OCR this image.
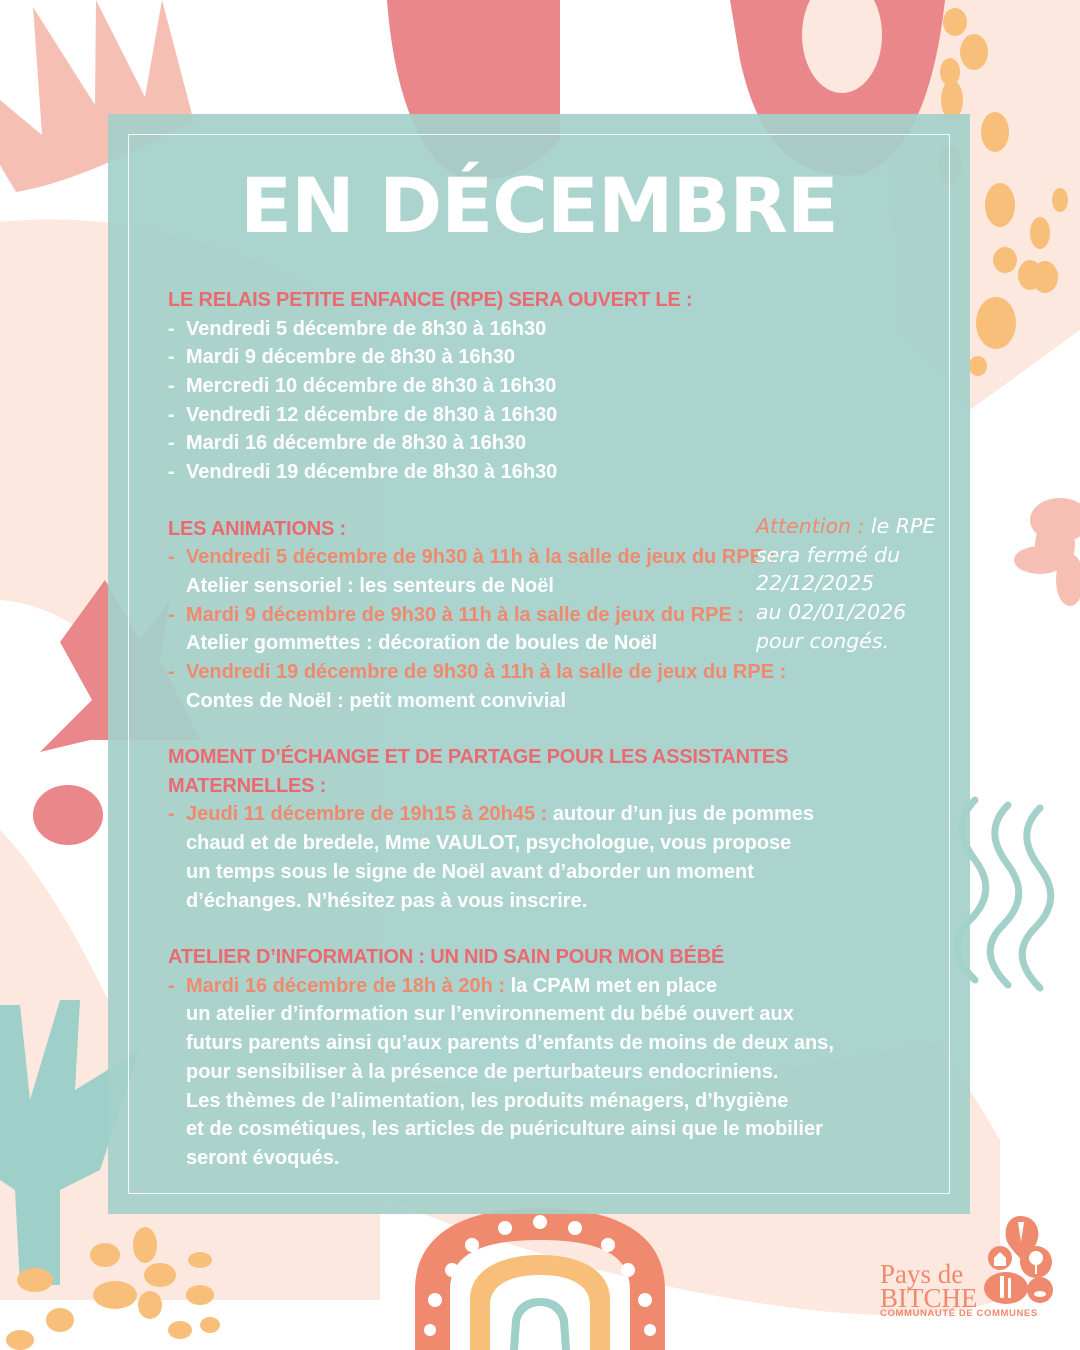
EN DÉCEMBRE
LE RELAIS PETITE ENFANCE (RPE) SERA OUVERT LE :
- Vendredi 5 décembre de 8h30 à 16h30
- Mardi 9 décembre de 8h30 à 16h30
- Mercredi 10 décembre de 8h30 à 16h30
- Vendredi 12 décembre de 8h30 à 16h30
- Mardi 16 décembre de 8h30 à 16h30
- Vendredi 19 décembre de 8h30 à 16h30
LES ANIMATIONS :
- Vendredi 5 décembre de 9h30 à 11h à la salle de jeux du RPE :
Atelier sensoriel : les senteurs de Noël
- Mardi 9 décembre de 9h30 à 11h à la salle de jeux du RPE :
Atelier gommettes : décoration de boules de Noël
- Vendredi 19 décembre de 9h30 à 11h à la salle de jeux du RPE :
Contes de Noël : petit moment convivial
MOMENT D’ÉCHANGE ET DE PARTAGE POUR LES ASSISTANTES
MATERNELLES :
- Jeudi 11 décembre de 19h15 à 20h45 : autour d’un jus de pommes
chaud et de bredele, Mme VAULOT, psychologue, vous propose
un temps sous le signe de Noël avant d’aborder un moment
d’échanges. N’hésitez pas à vous inscrire.
ATELIER D’INFORMATION : UN NID SAIN POUR MON BÉBÉ
- Mardi 16 décembre de 18h à 20h : la CPAM met en place
un atelier d’information sur l’environnement du bébé ouvert aux
futurs parents ainsi qu’aux parents d’enfants de moins de deux ans,
pour sensibiliser à la présence de perturbateurs endocriniens.
Les thèmes de l’alimentation, les produits ménagers, d’hygiène
et de cosmétiques, les articles de puériculture ainsi que le mobilier
seront évoqués.
Attention : le RPE
sera fermé du
22/12/2025
au 02/01/2026
pour congés.
Pays de
BITCHE
COMMUNAUTÉ DE COMMUNES
